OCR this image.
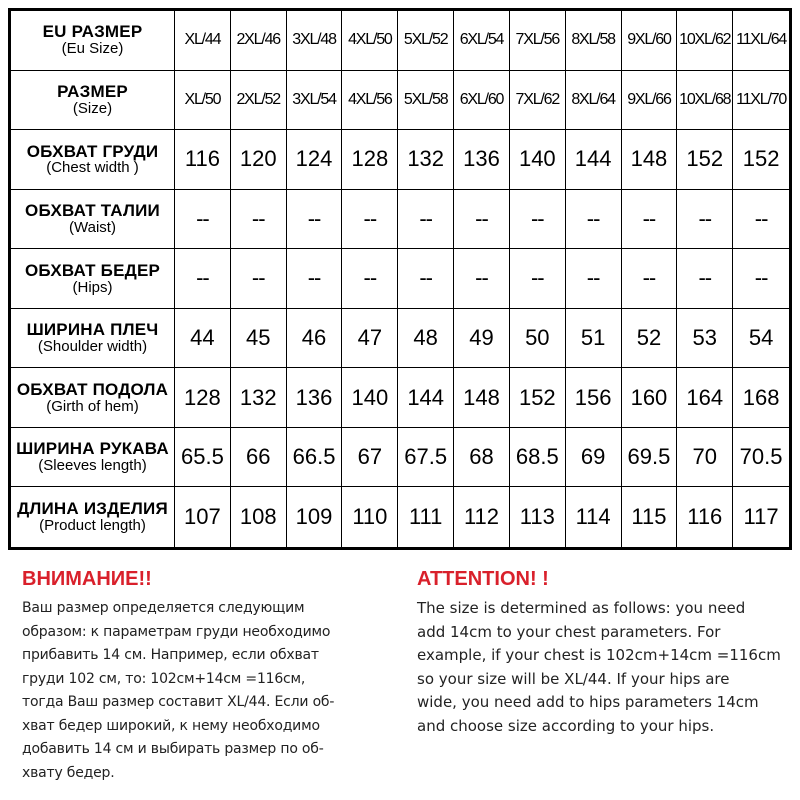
EU РАЗМЕР
(Eu Size)
XL/44	2XL/46 3XL/48 4XL/50 5XL/52 6XL/54 7XL/56 8XL/58 9XL/60 10XL/62 11XL/64
РАЗМЕР
(Size)
XL/50	2XL/52 3XL/54 4XL/56 5XL/58 6XL/60 7XL/62 8XL/64 9XL/66 10XL/68 11XL/70
ОБХВАТ ГРУДИ
(Chest width )	116 120 124 128 132 136 140 144 148 152 152
ОБХВАТ ТАЛИИ
(Waist)	--	--	--	--	--	--	--	--	--	--	--
ОБХВАТ БЕДЕР
(Hips)	--	--	--	--	--	--	--	--	--	--	--
ШИРИНА ПЛЕЧ
(Shoulder width)	44	45	46	47	48	49	50	51	52	53	54
ОБХВАТ ПОДОЛА
(Girth of hem)	128 132 136 140 144 148 152 156 160 164 168
ШИРИНА РУКАВА
(Sleeves length) 65.5	66	66.5	67	67.5	68	68.5	69	69.5	70	70.5
ДЛИНА ИЗДЕЛИЯ
(Product length)	107 108 109 110 111 112 113 114 115 116 117
ВНИМАНИЕ!!
Ваш размер определяется следующим
образом: к параметрам груди необходимо
прибавить 14 см. Например, если обхват
груди 102 см, то: 102см+14см =116см,
тогда Ваш размер составит XL/44. Если об-
хват бедер широкий, к нему необходимо
добавить 14 см и выбирать размер по об-
хвату бедер.
ATTENTION! !
The size is determined as follows: you need
add 14cm to your chest parameters. For
example, if your chest is 102cm+14cm =116cm
so your size will be XL/44. If your hips are
wide, you need add to hips parameters 14cm
and choose size according to your hips.
